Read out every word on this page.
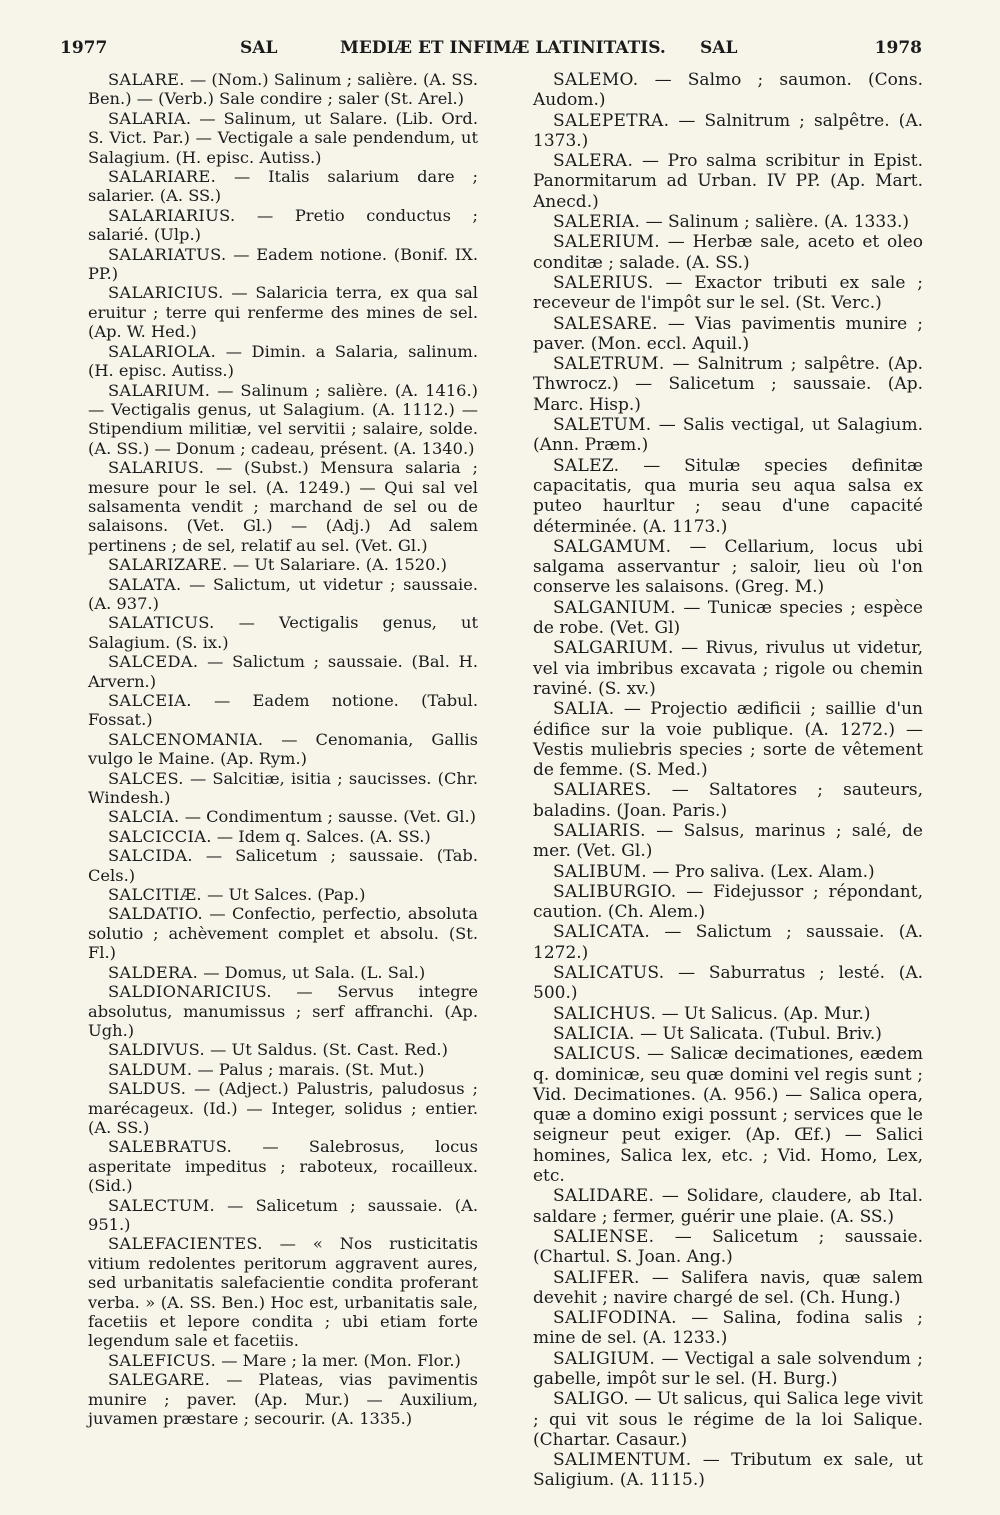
1977	SAL	MEDIÆ ET INFIMÆ LATINITATIS. SAL	1978

SALARE. — (Nom.) Salinum ; salière. (A. SS. Ben.) — (Verb.) Sale condire ; saler (St. Arel.)

SALARIA. — Salinum, ut Salare. (Lib. Ord. S. Vict. Par.) — Vectigale a sale pendendum, ut Salagium. (H. episc. Autiss.)

SALARIARE. — Italis salarium dare ; salarier. (A. SS.)

SALARIARIUS. — Pretio conductus ; salarié. (Ulp.)

SALARIATUS. — Eadem notione. (Bonif. IX. PP.)

SALARICIUS. — Salaricia terra, ex qua sal eruitur ; terre qui renferme des mines de sel. (Ap. W. Hed.)

SALARIOLA. — Dimin. a Salaria, salinum. (H. episc. Autiss.)

SALARIUM. — Salinum ; salière. (A. 1416.) — Vectigalis genus, ut Salagium. (A. 1112.) — Stipendium militiæ, vel servitii ; salaire, solde. (A. SS.) — Donum ; cadeau, présent. (A. 1340.)

SALARIUS. — (Subst.) Mensura salaria ; mesure pour le sel. (A. 1249.) — Qui sal vel salsamenta vendit ; marchand de sel ou de salaisons. (Vet. Gl.) — (Adj.) Ad salem pertinens ; de sel, relatif au sel. (Vet. Gl.)

SALARIZARE. — Ut Salariare. (A. 1520.)

SALATA. — Salictum, ut videtur ; saussaie. (A. 937.)

SALATICUS. — Vectigalis genus, ut Salagium. (S. ix.)

SALCEDA. — Salictum ; saussaie. (Bal. H. Arvern.)

SALCEIA. — Eadem notione. (Tabul. Fossat.)

SALCENOMANIA. — Cenomania, Gallis vulgo le Maine. (Ap. Rym.)

SALCES. — Salcitiæ, isitia ; saucisses. (Chr. Windesh.)

SALCIA. — Condimentum ; sausse. (Vet. Gl.)

SALCICCIA. — Idem q. Salces. (A. SS.)

SALCIDA. — Salicetum ; saussaie. (Tab. Cels.)

SALCITIÆ. — Ut Salces. (Pap.)

SALDATIO. — Confectio, perfectio, absoluta solutio ; achèvement complet et absolu. (St. Fl.)

SALDERA. — Domus, ut Sala. (L. Sal.)

SALDIONARICIUS. — Servus integre absolutus, manumissus ; serf affranchi. (Ap. Ugh.)

SALDIVUS. — Ut Saldus. (St. Cast. Red.)

SALDUM. — Palus ; marais. (St. Mut.)

SALDUS. — (Adject.) Palustris, paludosus ; marécageux. (Id.) — Integer, solidus ; entier. (A. SS.)

SALEBRATUS. — Salebrosus, locus asperitate impeditus ; raboteux, rocailleux. (Sid.)

SALECTUM. — Salicetum ; saussaie. (A. 951.)

SALEFACIENTES. — « Nos rusticitatis vitium redolentes peritorum aggravent aures, sed urbanitatis salefacientie condita proferant verba. » (A. SS. Ben.) Hoc est, urbanitatis sale, facetiis et lepore condita ; ubi etiam forte legendum sale et facetiis.

SALEFICUS. — Mare ; la mer. (Mon. Flor.)

SALEGARE. — Plateas, vias pavimentis munire ; paver. (Ap. Mur.) — Auxilium, juvamen præstare ; secourir. (A. 1335.)

SALEMO. — Salmo ; saumon. (Cons. Audom.)

SALEPETRA. — Salnitrum ; salpêtre. (A. 1373.)

SALERA. — Pro salma scribitur in Epist. Panormitarum ad Urban. IV PP. (Ap. Mart. Anecd.)

SALERIA. — Salinum ; salière. (A. 1333.)

SALERIUM. — Herbæ sale, aceto et oleo conditæ ; salade. (A. SS.)

SALERIUS. — Exactor tributi ex sale ; receveur de l'impôt sur le sel. (St. Verc.)

SALESARE. — Vias pavimentis munire ; paver. (Mon. eccl. Aquil.)

SALETRUM. — Salnitrum ; salpêtre. (Ap. Thwrocz.) — Salicetum ; saussaie. (Ap. Marc. Hisp.)

SALETUM. — Salis vectigal, ut Salagium. (Ann. Præm.)

SALEZ. — Situlæ species definitæ capacitatis, qua muria seu aqua salsa ex puteo haurltur ; seau d'une capacité déterminée. (A. 1173.)

SALGAMUM. — Cellarium, locus ubi salgama asservantur ; saloir, lieu où l'on conserve les salaisons. (Greg. M.)

SALGANIUM. — Tunicæ species ; espèce de robe. (Vet. Gl)

SALGARIUM. — Rivus, rivulus ut videtur, vel via imbribus excavata ; rigole ou chemin raviné. (S. xv.)

SALIA. — Projectio ædificii ; saillie d'un édifice sur la voie publique. (A. 1272.) — Vestis muliebris species ; sorte de vêtement de femme. (S. Med.)

SALIARES. — Saltatores ; sauteurs, baladins. (Joan. Paris.)

SALIARIS. — Salsus, marinus ; salé, de mer. (Vet. Gl.)

SALIBUM. — Pro saliva. (Lex. Alam.)

SALIBURGIO. — Fidejussor ; répondant, caution. (Ch. Alem.)

SALICATA. — Salictum ; saussaie. (A. 1272.)

SALICATUS. — Saburratus ; lesté. (A. 500.)

SALICHUS. — Ut Salicus. (Ap. Mur.)

SALICIA. — Ut Salicata. (Tubul. Briv.)

SALICUS. — Salicæ decimationes, eædem q. dominicæ, seu quæ domini vel regis sunt ; Vid. Decimationes. (A. 956.) — Salica opera, quæ a domino exigi possunt ; services que le seigneur peut exiger. (Ap. Œf.) — Salici homines, Salica lex, etc. ; Vid. Homo, Lex, etc.

SALIDARE. — Solidare, claudere, ab Ital. saldare ; fermer, guérir une plaie. (A. SS.)

SALIENSE. — Salicetum ; saussaie. (Chartul. S. Joan. Ang.)

SALIFER. — Salifera navis, quæ salem devehit ; navire chargé de sel. (Ch. Hung.)

SALIFODINA. — Salina, fodina salis ; mine de sel. (A. 1233.)

SALIGIUM. — Vectigal a sale solvendum ; gabelle, impôt sur le sel. (H. Burg.)

SALIGO. — Ut salicus, qui Salica lege vivit ; qui vit sous le régime de la loi Salique. (Chartar. Casaur.)

SALIMENTUM. — Tributum ex sale, ut Saligium. (A. 1115.)
